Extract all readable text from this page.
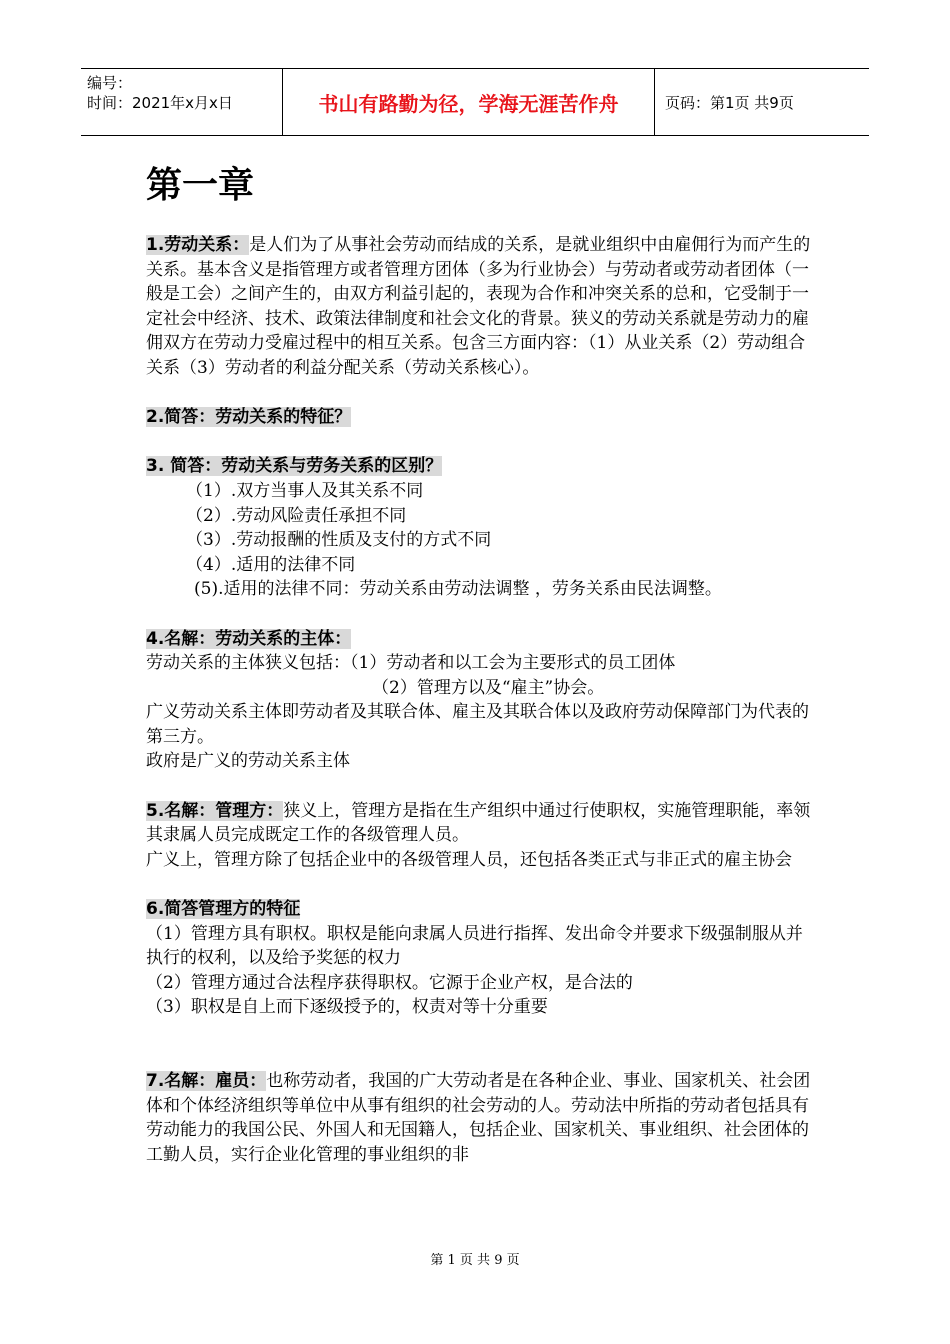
编号：
时间：2021年x月x日	书山有路勤为径，学海无涯苦作舟	页码：第1页 共9页
第一章

1.劳动关系：是人们为了从事社会劳动而结成的关系，是就业组织中由雇佣行为而产生的关系。基本含义是指管理方或者管理方团体（多为行业协会）与劳动者或劳动者团体（一般是工会）之间产生的，由双方利益引起的，表现为合作和冲突关系的总和，它受制于一定社会中经济、技术、政策法律制度和社会文化的背景。狭义的劳动关系就是劳动力的雇佣双方在劳动力受雇过程中的相互关系。包含三方面内容：（1）从业关系（2）劳动组合关系（3）劳动者的利益分配关系（劳动关系核心）。

2.简答：劳动关系的特征？

3. 简答：劳动关系与劳务关系的区别？

（1）.双方当事人及其关系不同

（2）.劳动风险责任承担不同

（3）.劳动报酬的性质及支付的方式不同

（4）.适用的法律不同

(5).适用的法律不同：劳动关系由劳动法调整 ，劳务关系由民法调整。

4.名解：劳动关系的主体：

劳动关系的主体狭义包括：（1）劳动者和以工会为主要形式的员工团体

（2）管理方以及“雇主”协会。

广义劳动关系主体即劳动者及其联合体、雇主及其联合体以及政府劳动保障部门为代表的第三方。

政府是广义的劳动关系主体

5.名解：管理方：狭义上，管理方是指在生产组织中通过行使职权，实施管理职能，率领其隶属人员完成既定工作的各级管理人员。

广义上，管理方除了包括企业中的各级管理人员，还包括各类正式与非正式的雇主协会

6.简答管理方的特征

（1）管理方具有职权。职权是能向隶属人员进行指挥、发出命令并要求下级强制服从并执行的权利，以及给予奖惩的权力

（2）管理方通过合法程序获得职权。它源于企业产权，是合法的

（3）职权是自上而下逐级授予的，权责对等十分重要

7.名解：雇员：也称劳动者，我国的广大劳动者是在各种企业、事业、国家机关、社会团体和个体经济组织等单位中从事有组织的社会劳动的人。劳动法中所指的劳动者包括具有劳动能力的我国公民、外国人和无国籍人，包括企业、国家机关、事业组织、社会团体的工勤人员，实行企业化管理的事业组织的非

第 1 页 共 9 页
